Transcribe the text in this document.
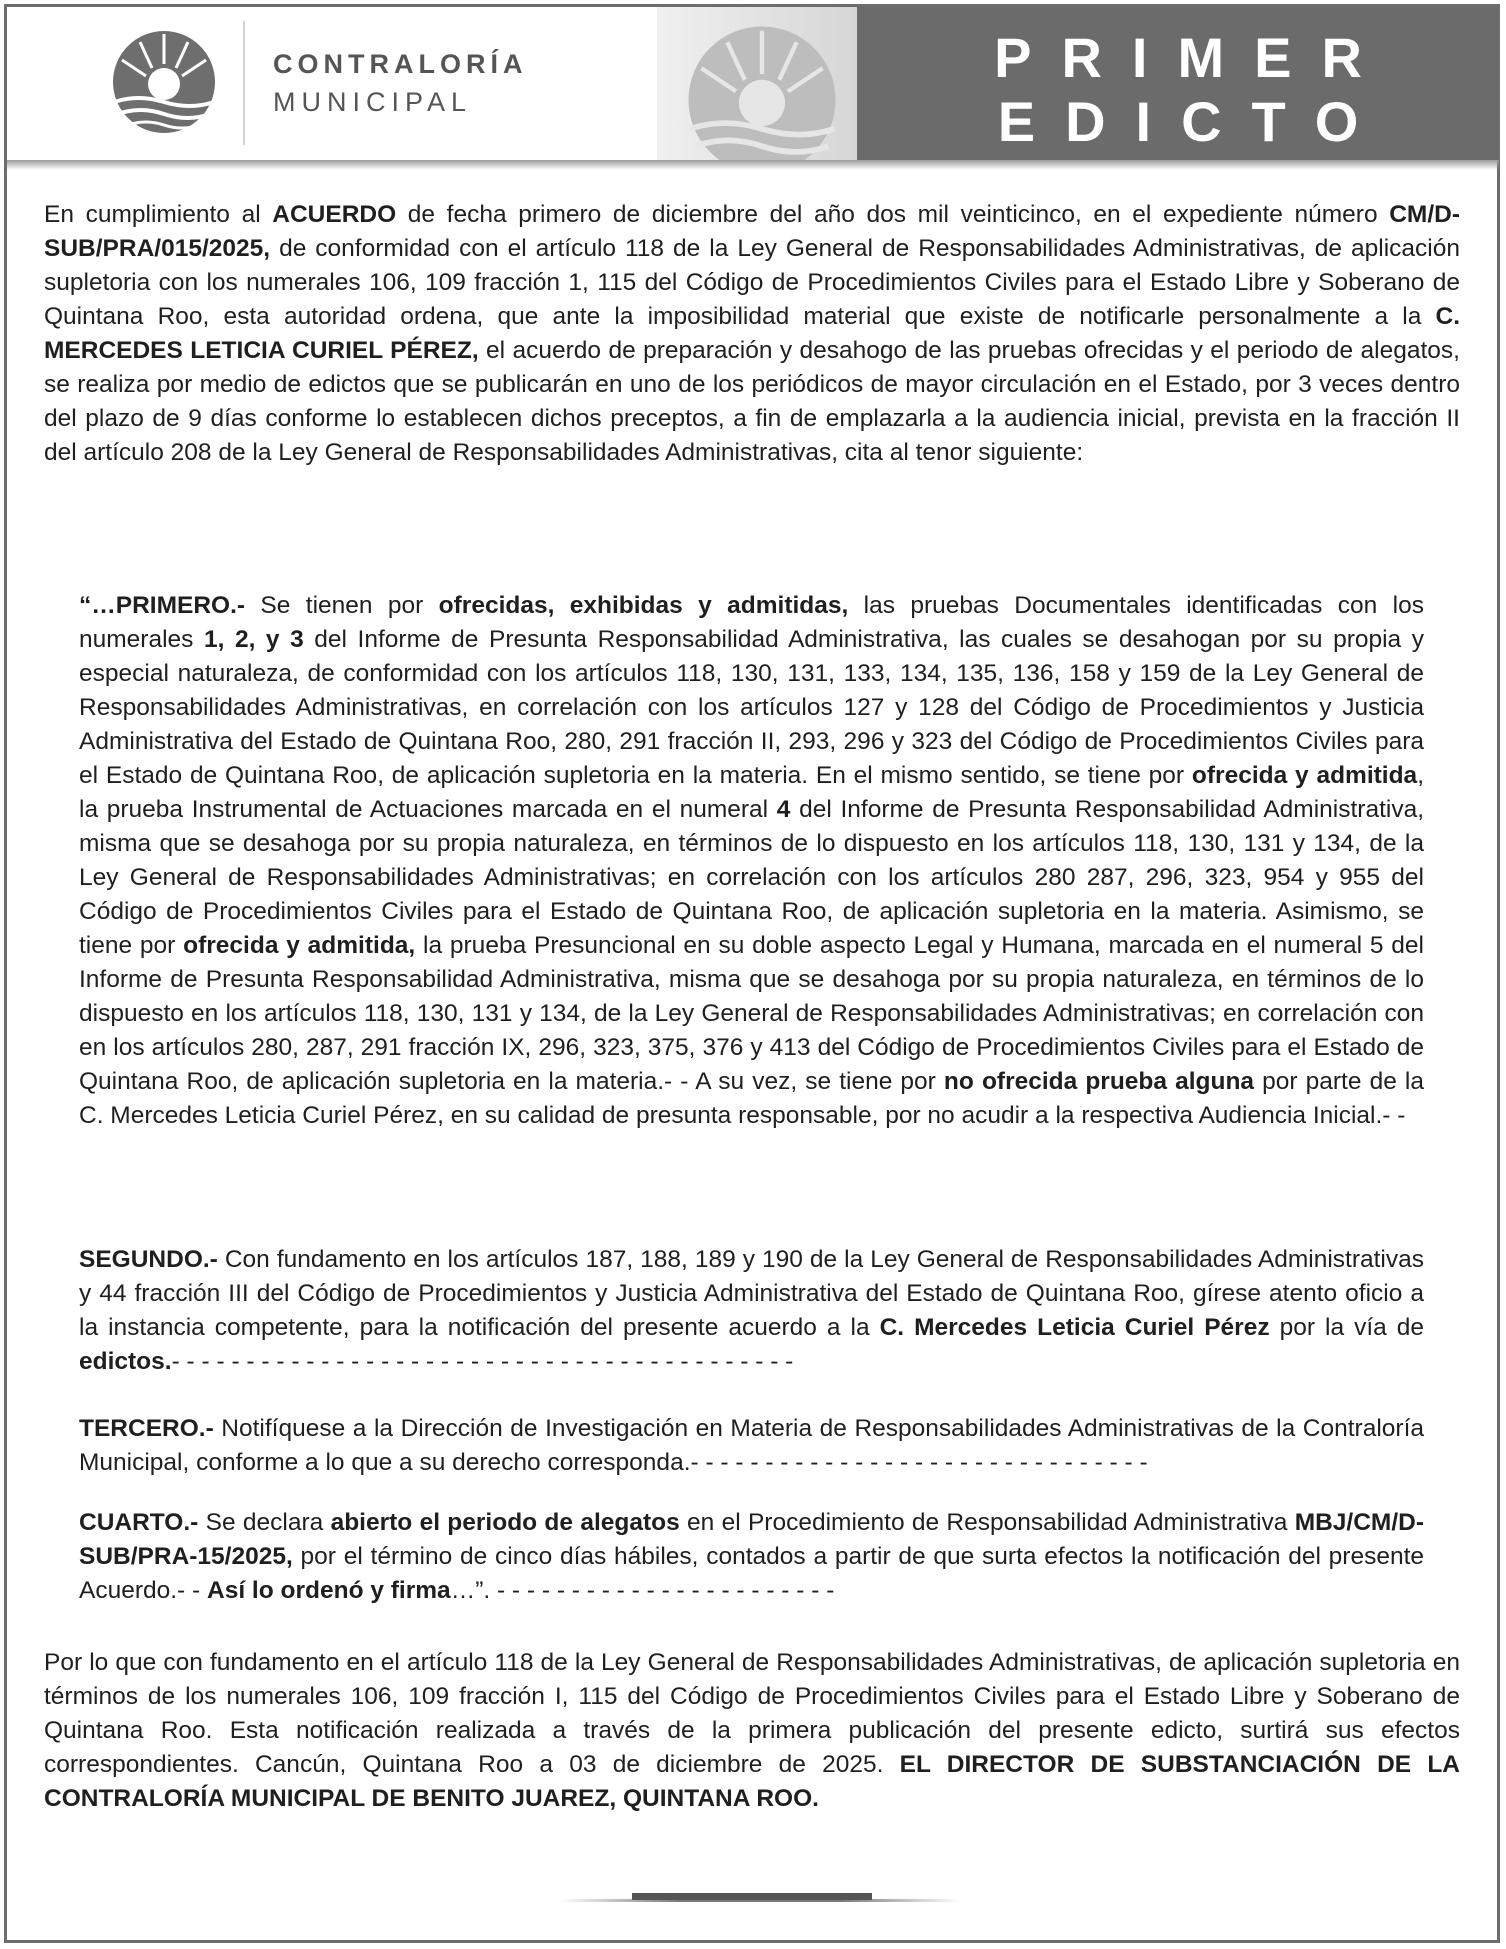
CONTRALORÍA
MUNICIPAL
PRIMER
EDICTO

En cumplimiento al ACUERDO de fecha primero de diciembre del año dos mil veinticinco, en el expediente número CM/D-SUB/PRA/015/2025, de conformidad con el artículo 118 de la Ley General de Responsabilidades Administrativas, de aplicación supletoria con los numerales 106, 109 fracción 1, 115 del Código de Procedimientos Civiles para el Estado Libre y Soberano de Quintana Roo, esta autoridad ordena, que ante la imposibilidad material que existe de notificarle personalmente a la C. MERCEDES LETICIA CURIEL PÉREZ, el acuerdo de preparación y desahogo de las pruebas ofrecidas y el periodo de alegatos, se realiza por medio de edictos que se publicarán en uno de los periódicos de mayor circulación en el Estado, por 3 veces dentro del plazo de 9 días conforme lo establecen dichos preceptos, a fin de emplazarla a la audiencia inicial, prevista en la fracción II del artículo 208 de la Ley General de Responsabilidades Administrativas, cita al tenor siguiente:

“…PRIMERO.- Se tienen por ofrecidas, exhibidas y admitidas, las pruebas Documentales identificadas con los numerales 1, 2, y 3 del Informe de Presunta Responsabilidad Administrativa, las cuales se desahogan por su propia y especial naturaleza, de conformidad con los artículos 118, 130, 131, 133, 134, 135, 136, 158 y 159 de la Ley General de Responsabilidades Administrativas, en correlación con los artículos 127 y 128 del Código de Procedimientos y Justicia Administrativa del Estado de Quintana Roo, 280, 291 fracción II, 293, 296 y 323 del Código de Procedimientos Civiles para el Estado de Quintana Roo, de aplicación supletoria en la materia. En el mismo sentido, se tiene por ofrecida y admitida, la prueba Instrumental de Actuaciones marcada en el numeral 4 del Informe de Presunta Responsabilidad Administrativa, misma que se desahoga por su propia naturaleza, en términos de lo dispuesto en los artículos 118, 130, 131 y 134, de la Ley General de Responsabilidades Administrativas; en correlación con los artículos 280 287, 296, 323, 954 y 955 del Código de Procedimientos Civiles para el Estado de Quintana Roo, de aplicación supletoria en la materia. Asimismo, se tiene por ofrecida y admitida, la prueba Presuncional en su doble aspecto Legal y Humana, marcada en el numeral 5 del Informe de Presunta Responsabilidad Administrativa, misma que se desahoga por su propia naturaleza, en términos de lo dispuesto en los artículos 118, 130, 131 y 134, de la Ley General de Responsabilidades Administrativas; en correlación con en los artículos 280, 287, 291 fracción IX, 296, 323, 375, 376 y 413 del Código de Procedimientos Civiles para el Estado de Quintana Roo, de aplicación supletoria en la materia.- - A su vez, se tiene por no ofrecida prueba alguna por parte de la C. Mercedes Leticia Curiel Pérez, en su calidad de presunta responsable, por no acudir a la respectiva Audiencia Inicial.- -

SEGUNDO.- Con fundamento en los artículos 187, 188, 189 y 190 de la Ley General de Responsabilidades Administrativas y 44 fracción III del Código de Procedimientos y Justicia Administrativa del Estado de Quintana Roo, gírese atento oficio a la instancia competente, para la notificación del presente acuerdo a la C. Mercedes Leticia Curiel Pérez por la vía de edictos.- - - - - - - - - - - - - - - - - - - - - - - - - - - - - - - - - - - - - - - - - -

TERCERO.- Notifíquese a la Dirección de Investigación en Materia de Responsabilidades Administrativas de la Contraloría Municipal, conforme a lo que a su derecho corresponda.- - - - - - - - - - - - - - - - - - - - - - - - - - - - - - -

CUARTO.- Se declara abierto el periodo de alegatos en el Procedimiento de Responsabilidad Administrativa MBJ/CM/D-SUB/PRA-15/2025, por el término de cinco días hábiles, contados a partir de que surta efectos la notificación del presente Acuerdo.- - Así lo ordenó y firma…”. - - - - - - - - - - - - - - - - - - - - - - -

Por lo que con fundamento en el artículo 118 de la Ley General de Responsabilidades Administrativas, de aplicación supletoria en términos de los numerales 106, 109 fracción I, 115 del Código de Procedimientos Civiles para el Estado Libre y Soberano de Quintana Roo. Esta notificación realizada a través de la primera publicación del presente edicto, surtirá sus efectos correspondientes. Cancún, Quintana Roo a 03 de diciembre de 2025. EL DIRECTOR DE SUBSTANCIACIÓN DE LA CONTRALORÍA MUNICIPAL DE BENITO JUAREZ, QUINTANA ROO.
